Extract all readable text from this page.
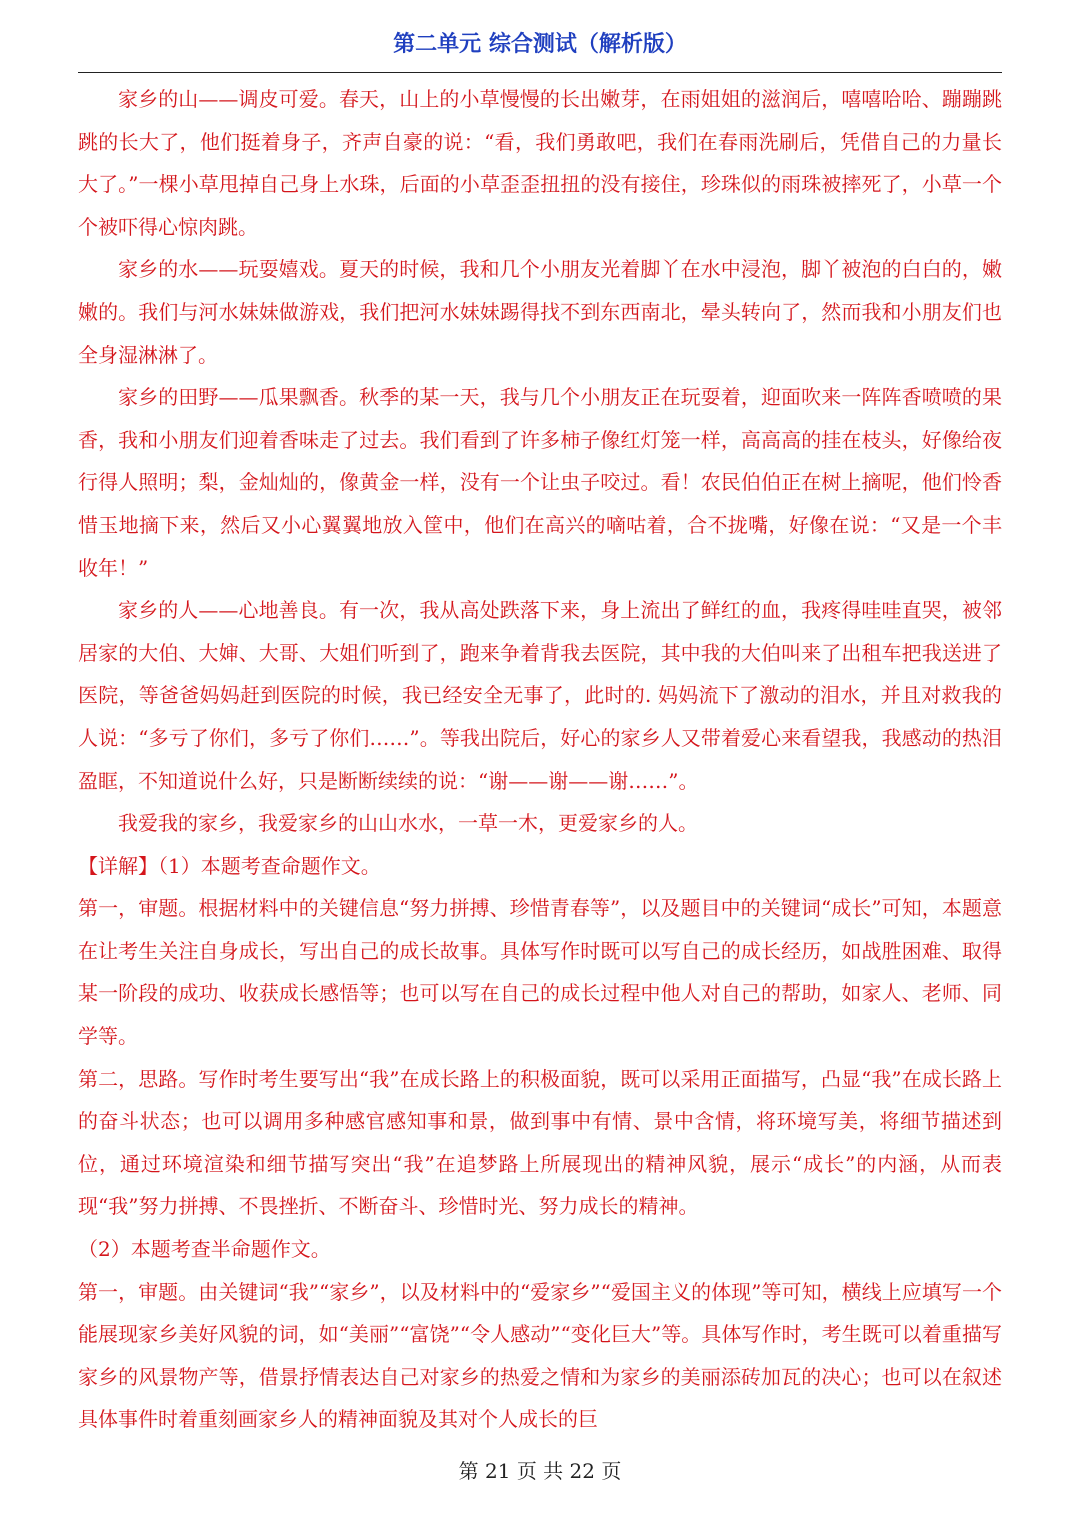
第二单元 综合测试（解析版）

家乡的山——调皮可爱。春天，山上的小草慢慢的长出嫩芽，在雨姐姐的滋润后，嘻嘻哈哈、蹦蹦跳跳的长大了，他们挺着身子，齐声自豪的说：“看，我们勇敢吧，我们在春雨洗刷后，凭借自己的力量长大了。”一棵小草甩掉自己身上水珠，后面的小草歪歪扭扭的没有接住，珍珠似的雨珠被摔死了，小草一个个被吓得心惊肉跳。

家乡的水——玩耍嬉戏。夏天的时候，我和几个小朋友光着脚丫在水中浸泡，脚丫被泡的白白的，嫩嫩的。我们与河水妹妹做游戏，我们把河水妹妹踢得找不到东西南北，晕头转向了，然而我和小朋友们也全身湿淋淋了。

家乡的田野——瓜果飘香。秋季的某一天，我与几个小朋友正在玩耍着，迎面吹来一阵阵香喷喷的果香，我和小朋友们迎着香味走了过去。我们看到了许多柿子像红灯笼一样，高高高的挂在枝头，好像给夜行得人照明；梨，金灿灿的，像黄金一样，没有一个让虫子咬过。看！农民伯伯正在树上摘呢，他们怜香惜玉地摘下来，然后又小心翼翼地放入筐中，他们在高兴的嘀咕着，合不拢嘴，好像在说：“又是一个丰收年！”

家乡的人——心地善良。有一次，我从高处跌落下来，身上流出了鲜红的血，我疼得哇哇直哭，被邻居家的大伯、大婶、大哥、大姐们听到了，跑来争着背我去医院，其中我的大伯叫来了出租车把我送进了医院，等爸爸妈妈赶到医院的时候，我已经安全无事了，此时的. 妈妈流下了激动的泪水，并且对救我的人说：“多亏了你们，多亏了你们……”。等我出院后，好心的家乡人又带着爱心来看望我，我感动的热泪盈眶，不知道说什么好，只是断断续续的说：“谢——谢——谢……”。

我爱我的家乡，我爱家乡的山山水水，一草一木，更爱家乡的人。

【详解】（1）本题考查命题作文。

第一，审题。根据材料中的关键信息“努力拼搏、珍惜青春等”，以及题目中的关键词“成长”可知，本题意在让考生关注自身成长，写出自己的成长故事。具体写作时既可以写自己的成长经历，如战胜困难、取得某一阶段的成功、收获成长感悟等；也可以写在自己的成长过程中他人对自己的帮助，如家人、老师、同学等。

第二，思路。写作时考生要写出“我”在成长路上的积极面貌，既可以采用正面描写，凸显“我”在成长路上的奋斗状态；也可以调用多种感官感知事和景，做到事中有情、景中含情，将环境写美，将细节描述到位，通过环境渲染和细节描写突出“我”在追梦路上所展现出的精神风貌，展示“成长”的内涵，从而表现“我”努力拼搏、不畏挫折、不断奋斗、珍惜时光、努力成长的精神。

（2）本题考查半命题作文。

第一，审题。由关键词“我”“家乡”，以及材料中的“爱家乡”“爱国主义的体现”等可知，横线上应填写一个能展现家乡美好风貌的词，如“美丽”“富饶”“令人感动”“变化巨大”等。具体写作时，考生既可以着重描写家乡的风景物产等，借景抒情表达自己对家乡的热爱之情和为家乡的美丽添砖加瓦的决心；也可以在叙述具体事件时着重刻画家乡人的精神面貌及其对个人成长的巨

第 21 页 共 22 页
